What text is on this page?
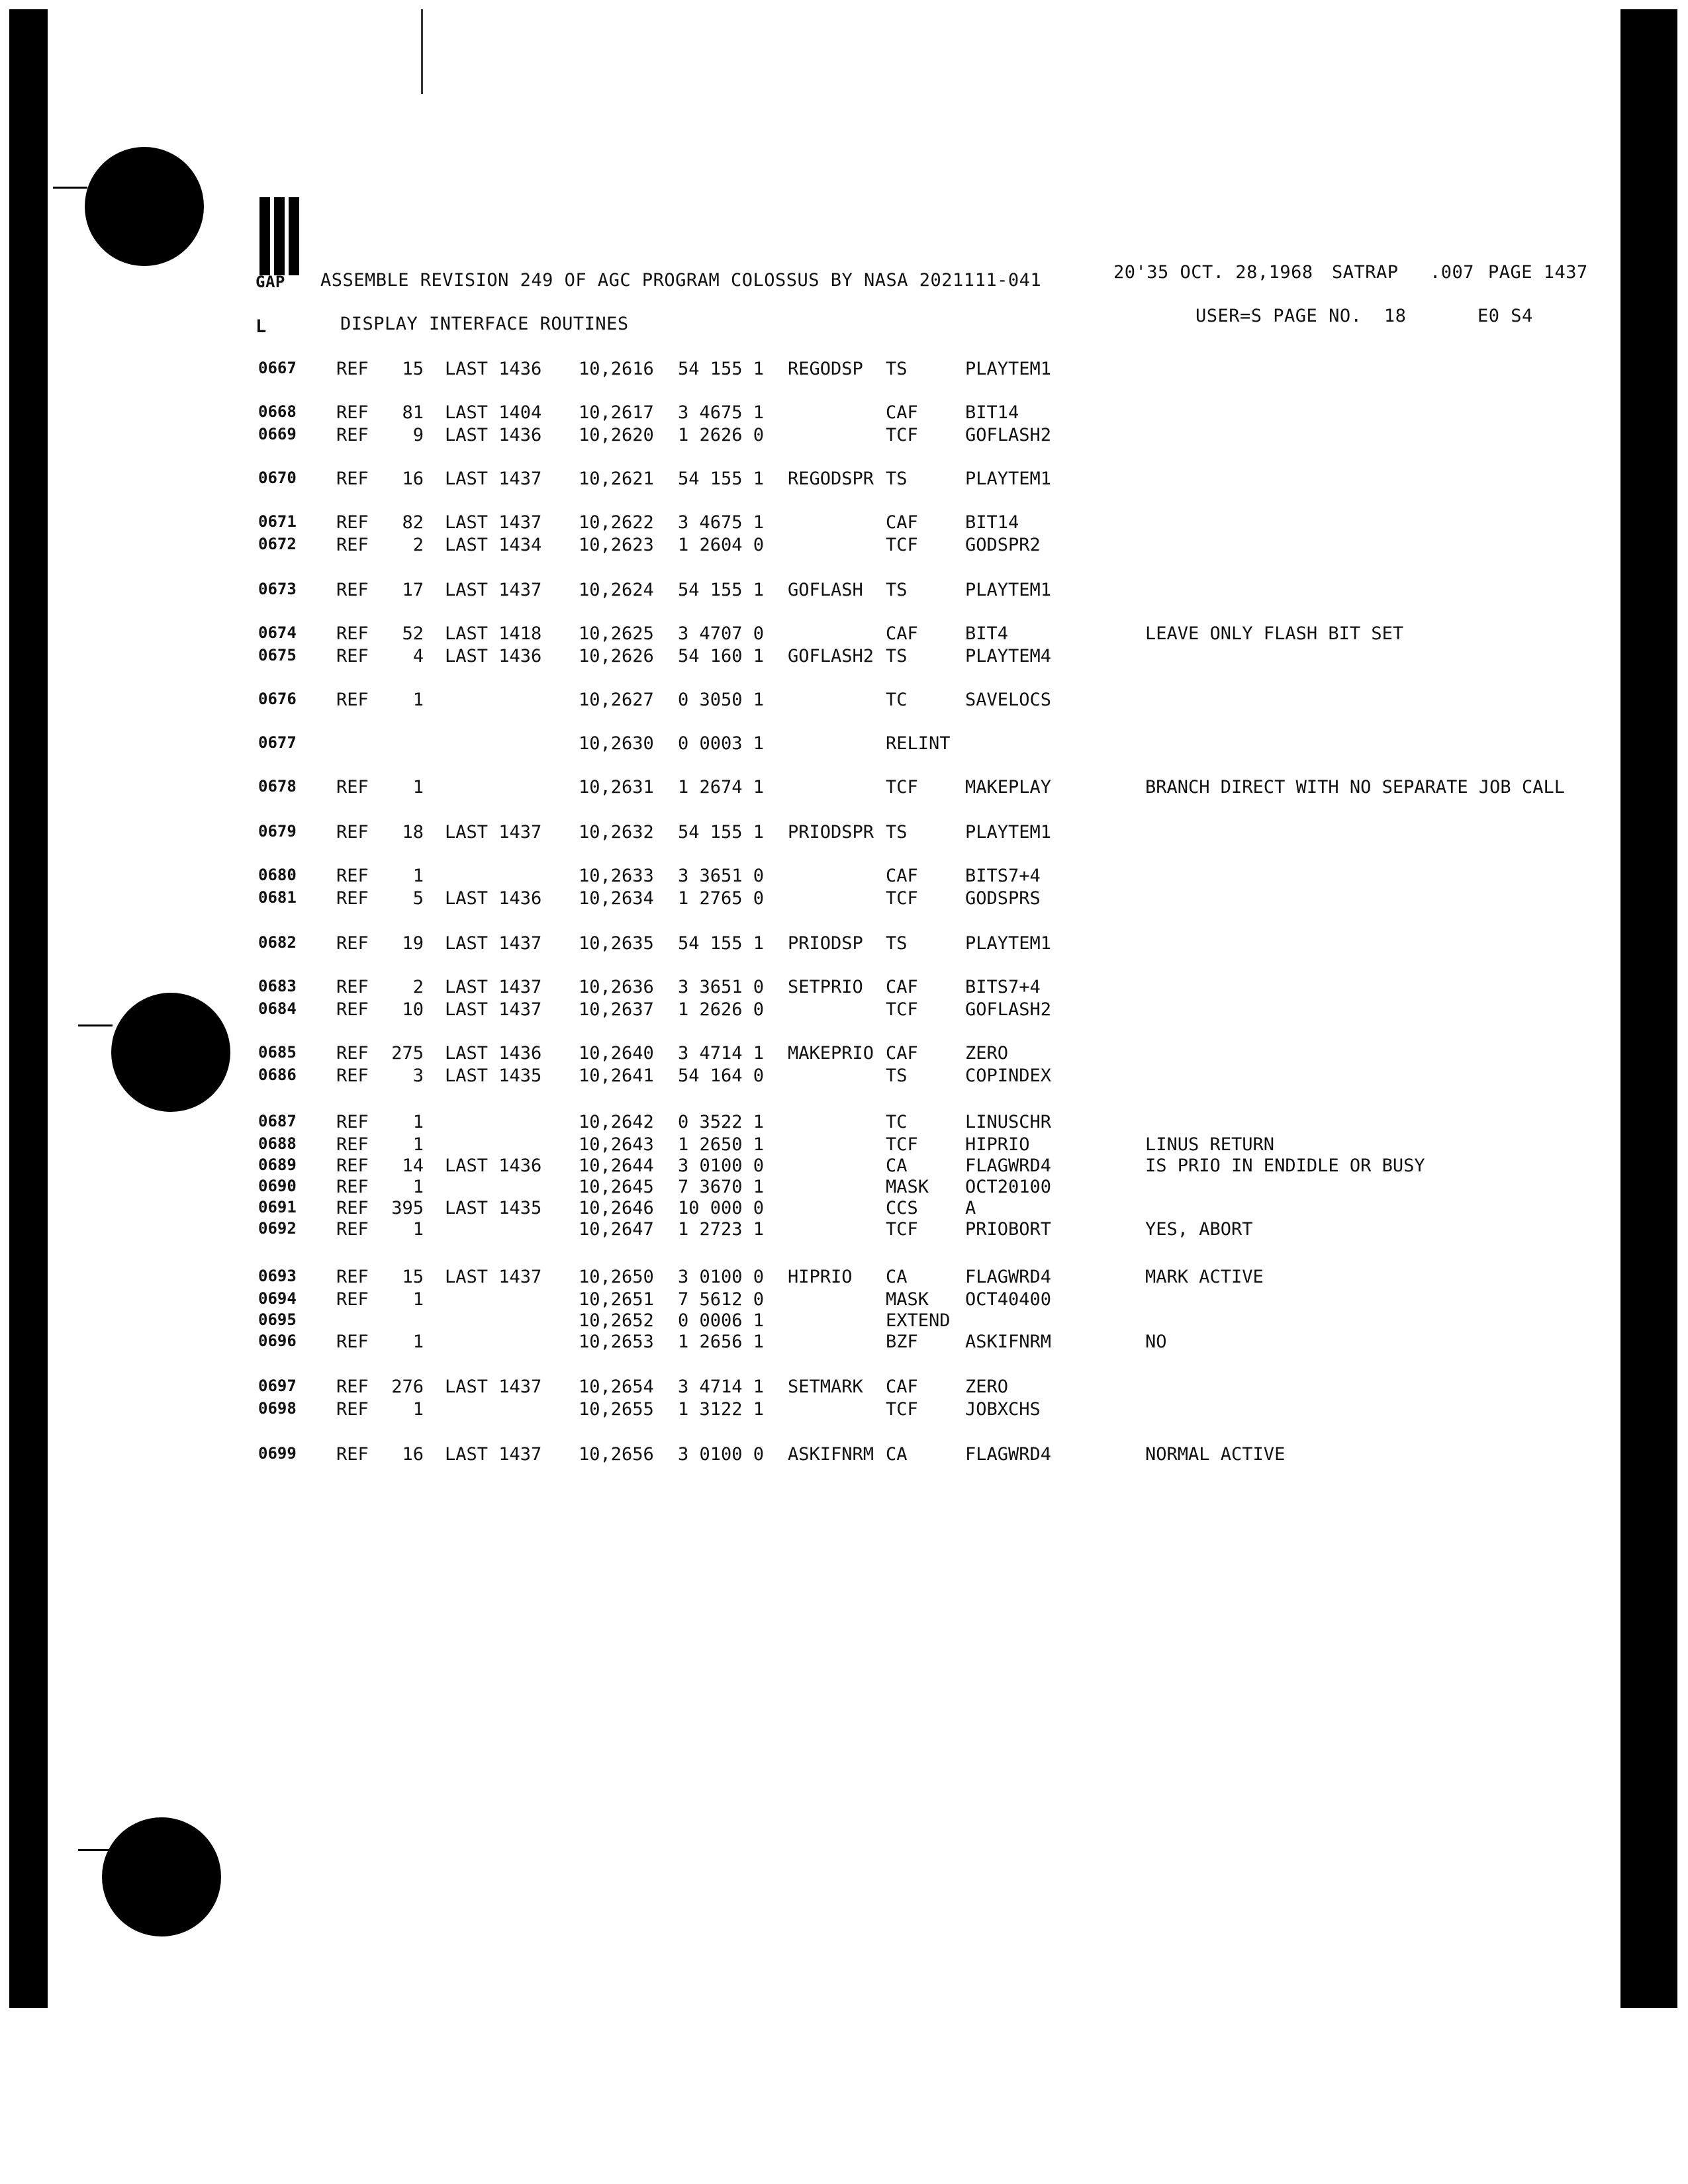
GAP ASSEMBLE REVISION 249 OF AGC PROGRAM COLOSSUS BY NASA 2021111-041	20'35 OCT. 28,1968 SATRAP .007 PAGE 1437
L	DISPLAY INTERFACE ROUTINES	USER=S PAGE NO.  18	E0 S4

0667 REF	15 LAST 1436 10,2616 54 155 1 REGODSP TS	PLAYTEM1

0668 REF	81 LAST 1404 10,2617 3 4675 1	CAF	BIT14

0669 REF	9 LAST 1436 10,2620 1 2626 0	TCF	GOFLASH2

0670 REF	16 LAST 1437 10,2621 54 155 1 REGODSPR TS	PLAYTEM1

0671 REF	82 LAST 1437 10,2622 3 4675 1	CAF	BIT14

0672 REF	2 LAST 1434 10,2623 1 2604 0	TCF	GODSPR2

0673 REF	17 LAST 1437 10,2624 54 155 1 GOFLASH TS	PLAYTEM1

0674 REF	52 LAST 1418 10,2625 3 4707 0	CAF	BIT4	LEAVE ONLY FLASH BIT SET

0675 REF	4 LAST 1436 10,2626 54 160 1 GOFLASH2 TS	PLAYTEM4

0676 REF	1	10,2627 0 3050 1	TC	SAVELOCS

0677	10,2630 0 0003 1	RELINT

0678 REF	1	10,2631 1 2674 1	TCF	MAKEPLAY	BRANCH DIRECT WITH NO SEPARATE JOB CALL

0679 REF	18 LAST 1437 10,2632 54 155 1 PRIODSPR TS	PLAYTEM1

0680 REF	1	10,2633 3 3651 0	CAF	BITS7+4

0681 REF	5 LAST 1436 10,2634 1 2765 0	TCF	GODSPRS

0682 REF	19 LAST 1437 10,2635 54 155 1 PRIODSP TS	PLAYTEM1

0683 REF	2 LAST 1437 10,2636 3 3651 0 SETPRIO CAF	BITS7+4

0684 REF	10 LAST 1437 10,2637 1 2626 0	TCF	GOFLASH2

0685 REF 275 LAST 1436 10,2640 3 4714 1 MAKEPRIO CAF	ZERO

0686 REF	3 LAST 1435 10,2641 54 164 0	TS	COPINDEX

0687 REF	1	10,2642 0 3522 1	TC	LINUSCHR

0688 REF	1	10,2643 1 2650 1	TCF	HIPRIO	LINUS RETURN

0689 REF	14 LAST 1436 10,2644 3 0100 0	CA	FLAGWRD4	IS PRIO IN ENDIDLE OR BUSY

0690 REF	1	10,2645 7 3670 1	MASK OCT20100

0691 REF 395 LAST 1435 10,2646 10 000 0	CCS	A

0692 REF	1	10,2647 1 2723 1	TCF	PRIOBORT	YES, ABORT

0693 REF	15 LAST 1437 10,2650 3 0100 0 HIPRIO CA	FLAGWRD4	MARK ACTIVE

0694 REF	1	10,2651 7 5612 0	MASK OCT40400

0695	10,2652 0 0006 1	EXTEND

0696 REF	1	10,2653 1 2656 1	BZF	ASKIFNRM	NO

0697 REF 276 LAST 1437 10,2654 3 4714 1 SETMARK CAF	ZERO

0698 REF	1	10,2655 1 3122 1	TCF	JOBXCHS

0699 REF	16 LAST 1437 10,2656 3 0100 0 ASKIFNRM CA	FLAGWRD4	NORMAL ACTIVE
